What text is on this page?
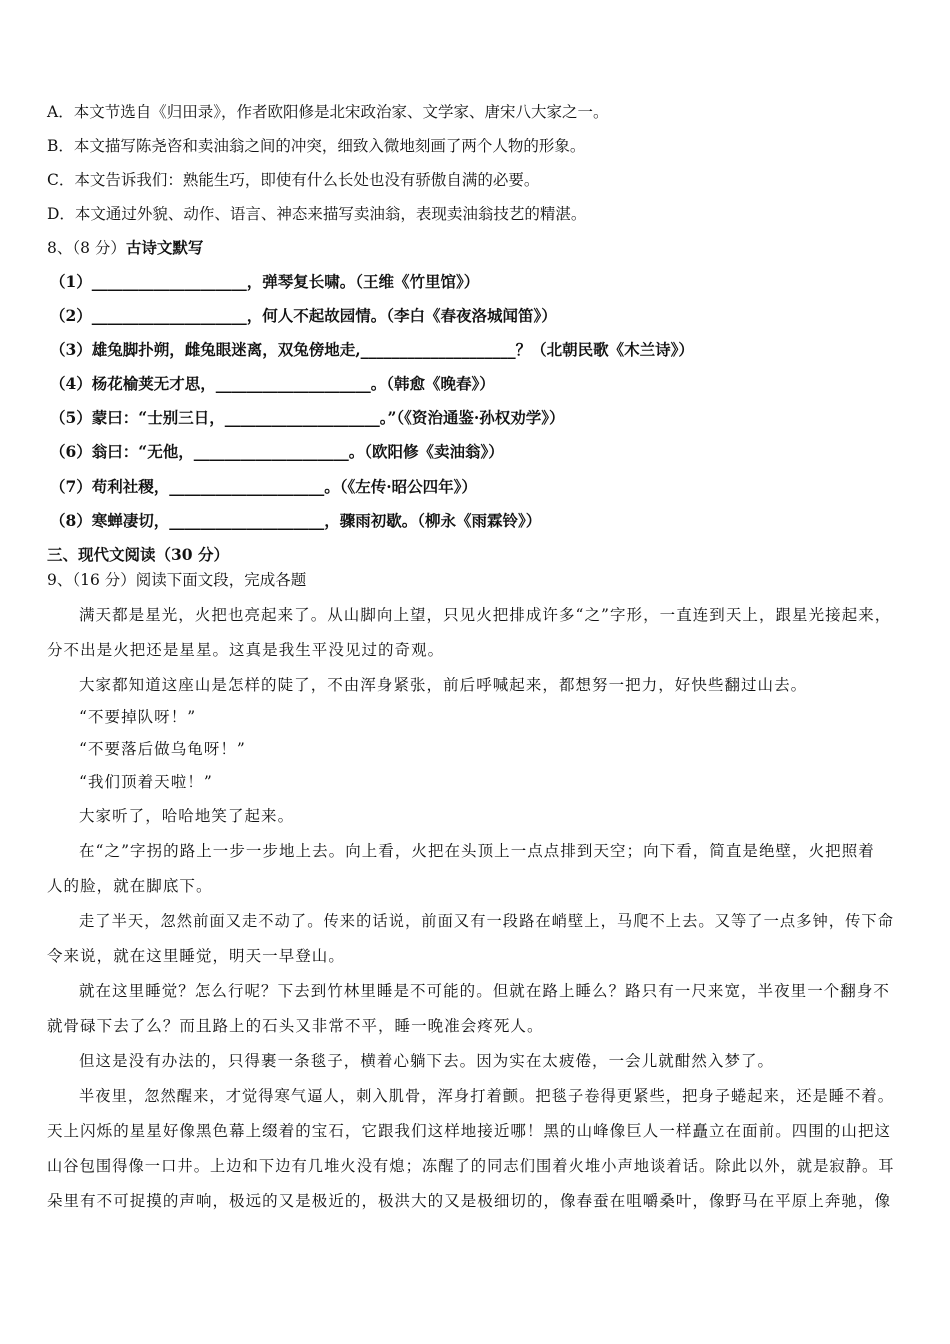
A．本文节选自《归田录》，作者欧阳修是北宋政治家、文学家、唐宋八大家之一。
B．本文描写陈尧咨和卖油翁之间的冲突，细致入微地刻画了两个人物的形象。
C．本文告诉我们：熟能生巧，即使有什么长处也没有骄傲自满的必要。
D．本文通过外貌、动作、语言、神态来描写卖油翁，表现卖油翁技艺的精湛。
8、（8 分）古诗文默写
（1）____________________，弹琴复长啸。（王维《竹里馆》）
（2）____________________，何人不起故园情。（李白《春夜洛城闻笛》）
（3）雄兔脚扑朔，雌兔眼迷离，双兔傍地走,____________________？（北朝民歌《木兰诗》）
（4）杨花榆荚无才思，____________________。（韩愈《晚春》）
（5）蒙曰：“士别三日，____________________。”（《资治通鉴·孙权劝学》）
（6）翁曰：“无他，____________________。（欧阳修《卖油翁》）
（7）苟利社稷，____________________。（《左传·昭公四年》）
（8）寒蝉凄切，____________________，骤雨初歇。（柳永《雨霖铃》）
三、现代文阅读（30 分）
9、（16 分）阅读下面文段，完成各题
满天都是星光，火把也亮起来了。从山脚向上望，只见火把排成许多“之”字形，一直连到天上，跟星光接起来，
分不出是火把还是星星。这真是我生平没见过的奇观。
大家都知道这座山是怎样的陡了，不由浑身紧张，前后呼喊起来，都想努一把力，好快些翻过山去。
“不要掉队呀！”
“不要落后做乌龟呀！”
“我们顶着天啦！”
大家听了，哈哈地笑了起来。
在“之”字拐的路上一步一步地上去。向上看，火把在头顶上一点点排到天空；向下看，简直是绝壁，火把照着
人的脸，就在脚底下。
走了半天，忽然前面又走不动了。传来的话说，前面又有一段路在峭壁上，马爬不上去。又等了一点多钟，传下命
令来说，就在这里睡觉，明天一早登山。
就在这里睡觉？怎么行呢？下去到竹林里睡是不可能的。但就在路上睡么？路只有一尺来宽，半夜里一个翻身不
就骨碌下去了么？而且路上的石头又非常不平，睡一晚准会疼死人。
但这是没有办法的，只得裹一条毯子，横着心躺下去。因为实在太疲倦，一会儿就酣然入梦了。
半夜里，忽然醒来，才觉得寒气逼人，刺入肌骨，浑身打着颤。把毯子卷得更紧些，把身子蜷起来，还是睡不着。
天上闪烁的星星好像黑色幕上缀着的宝石，它跟我们这样地接近哪！黑的山峰像巨人一样矗立在面前。四围的山把这
山谷包围得像一口井。上边和下边有几堆火没有熄；冻醒了的同志们围着火堆小声地谈着话。除此以外，就是寂静。耳
朵里有不可捉摸的声响，极远的又是极近的，极洪大的又是极细切的，像春蚕在咀嚼桑叶，像野马在平原上奔驰，像
